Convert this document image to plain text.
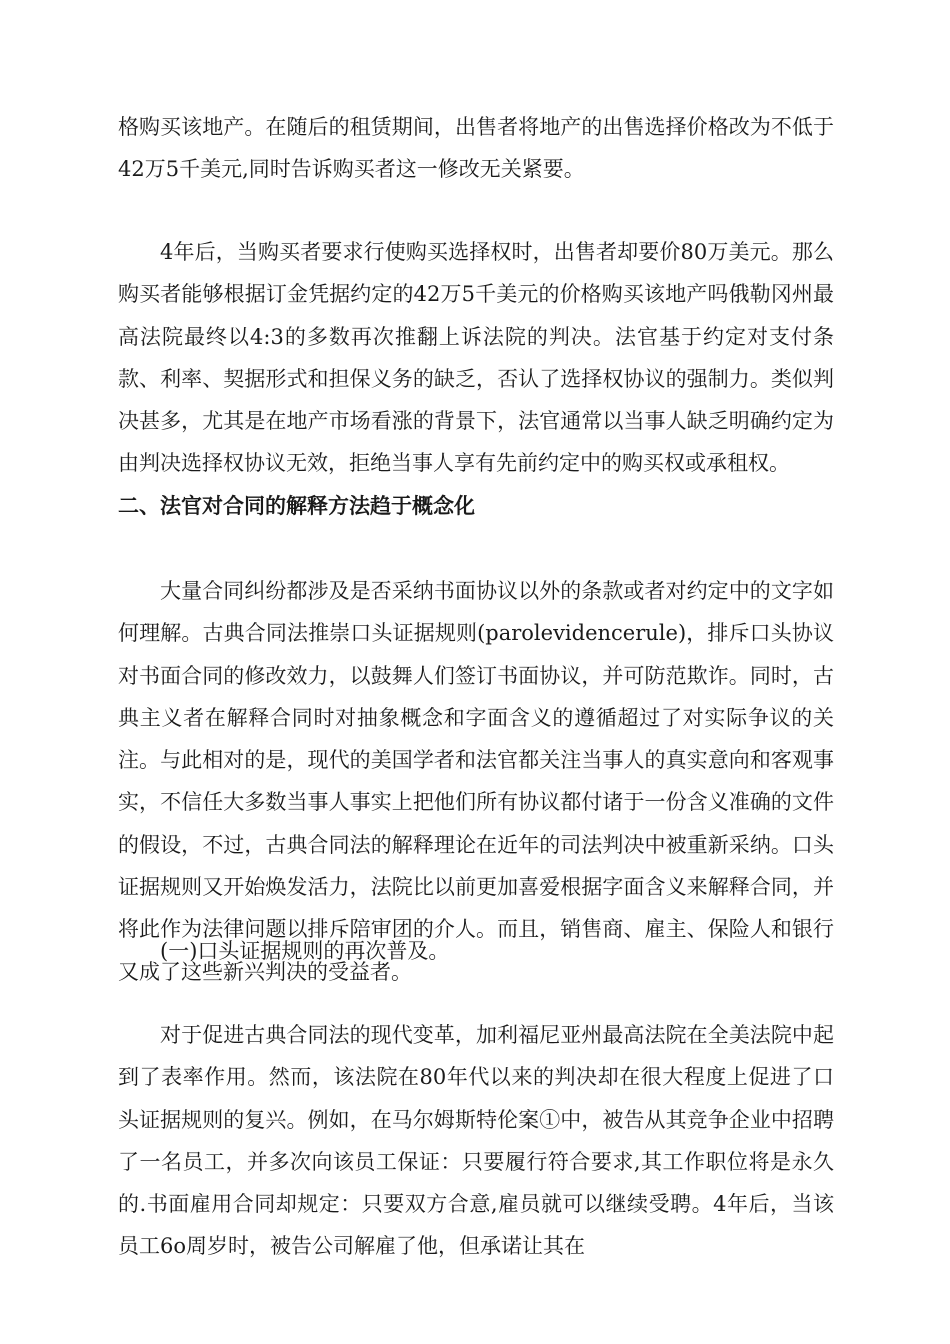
格购买该地产。在随后的租赁期间，出售者将地产的出售选择价格改为不低于42万5千美元,同时告诉购买者这一修改无关紧要。

4年后，当购买者要求行使购买选择权时，出售者却要价80万美元。那么购买者能够根据订金凭据约定的42万5千美元的价格购买该地产吗俄勒冈州最高法院最终以4:3的多数再次推翻上诉法院的判决。法官基于约定对支付条款、利率、契据形式和担保义务的缺乏，否认了选择权协议的强制力。类似判决甚多，尤其是在地产市场看涨的背景下，法官通常以当事人缺乏明确约定为由判决选择权协议无效，拒绝当事人享有先前约定中的购买权或承租权。

二、法官对合同的解释方法趋于概念化

大量合同纠纷都涉及是否采纳书面协议以外的条款或者对约定中的文字如何理解。古典合同法推崇口头证据规则(parolevidencerule)，排斥口头协议对书面合同的修改效力，以鼓舞人们签订书面协议，并可防范欺诈。同时，古典主义者在解释合同时对抽象概念和字面含义的遵循超过了对实际争议的关注。与此相对的是，现代的美国学者和法官都关注当事人的真实意向和客观事实，不信任大多数当事人事实上把他们所有协议都付诸于一份含义准确的文件的假设，不过，古典合同法的解释理论在近年的司法判决中被重新采纳。口头证据规则又开始焕发活力，法院比以前更加喜爱根据字面含义来解释合同，并将此作为法律问题以排斥陪审团的介人。而且，销售商、雇主、保险人和银行又成了这些新兴判决的受益者。

(一)口头证据规则的再次普及。

对于促进古典合同法的现代变革，加利福尼亚州最高法院在全美法院中起到了表率作用。然而，该法院在80年代以来的判决却在很大程度上促进了口头证据规则的复兴。例如，在马尔姆斯特伦案①中，被告从其竞争企业中招聘了一名员工，并多次向该员工保证：只要履行符合要求,其工作职位将是永久的.书面雇用合同却规定：只要双方合意,雇员就可以继续受聘。4年后，当该员工6o周岁时，被告公司解雇了他，但承诺让其在
